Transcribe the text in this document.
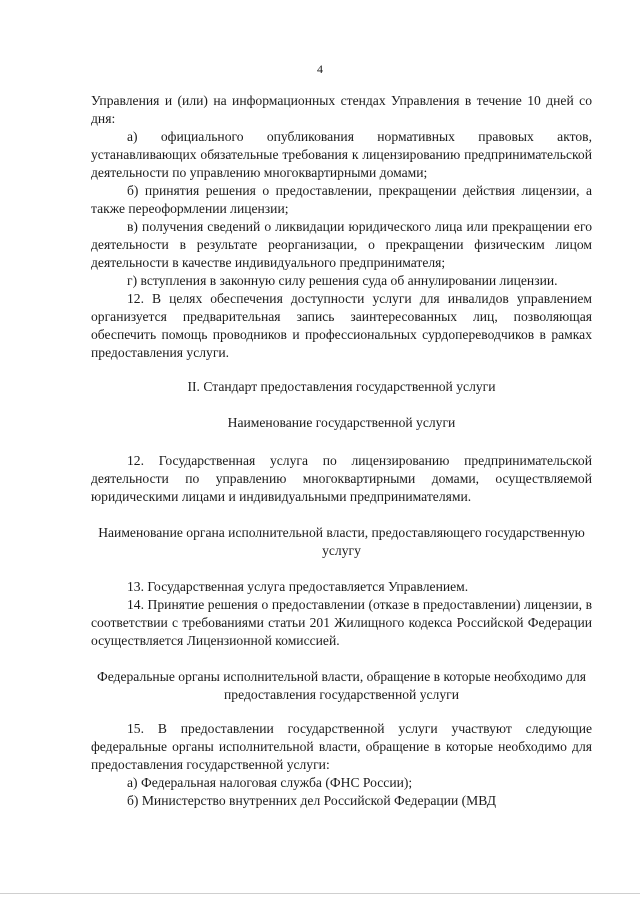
4

Управления и (или) на информационных стендах Управления в течение 10 дней со дня:

а) официального опубликования нормативных правовых актов, устанавливающих обязательные требования к лицензированию предпринимательской деятельности по управлению многоквартирными домами;

б) принятия решения о предоставлении, прекращении действия лицензии, а также переоформлении лицензии;

в) получения сведений о ликвидации юридического лица или прекращении его деятельности в результате реорганизации, о прекращении физическим лицом деятельности в качестве индивидуального предпринимателя;

г) вступления в законную силу решения суда об аннулировании лицензии.

12. В целях обеспечения доступности услуги для инвалидов управлением организуется предварительная запись заинтересованных лиц, позволяющая обеспечить помощь проводников и профессиональных сурдопереводчиков в рамках предоставления услуги.

II. Стандарт предоставления государственной услуги

Наименование государственной услуги

12. Государственная услуга по лицензированию предпринимательской деятельности по управлению многоквартирными домами, осуществляемой юридическими лицами и индивидуальными предпринимателями.

Наименование органа исполнительной власти, предоставляющего государственную услугу

13. Государственная услуга предоставляется Управлением.

14. Принятие решения о предоставлении (отказе в предоставлении) лицензии, в соответствии с требованиями статьи 201 Жилищного кодекса Российской Федерации осуществляется Лицензионной комиссией.

Федеральные органы исполнительной власти, обращение в которые необходимо для предоставления государственной услуги

15. В предоставлении государственной услуги участвуют следующие федеральные органы исполнительной власти, обращение в которые необходимо для предоставления государственной услуги:

а) Федеральная налоговая служба (ФНС России);

б) Министерство внутренних дел Российской Федерации (МВД
